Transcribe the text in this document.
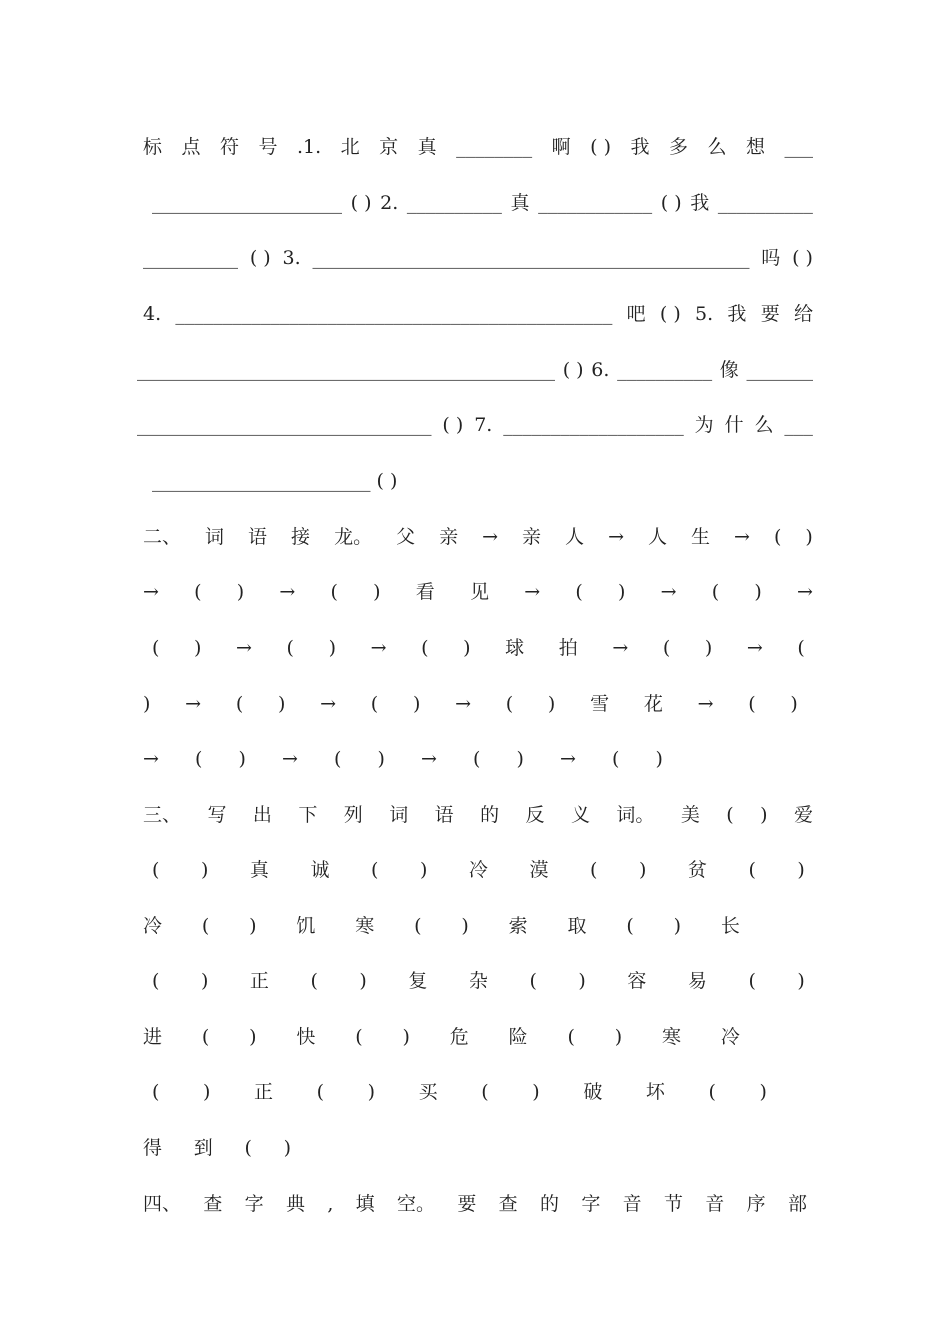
标 点 符 号 .1. 北 京 真 ________ 啊 ( ) 我 多 么 想 ___
____________________ ( ) 2. __________ 真 ____________ ( ) 我 __________
__________ ( ) 3. ______________________________________________ 吗 ( )
4. ______________________________________________ 吧 ( ) 5. 我 要 给
____________________________________________ ( ) 6. __________ 像 _______
_______________________________ ( ) 7. ___________________ 为 什 么 ___
_______________________ ( )
二、 词 语 接 龙。 父 亲 → 亲 人 → 人 生 → ( )
→ ( ) → ( ) 看 见 → ( ) → ( ) →
( ) → ( ) → ( ) 球 拍 → ( ) → (
) → ( ) → ( ) → ( ) 雪 花 → ( )
→ ( ) → ( ) → ( ) → ( )
三、 写 出 下 列 词 语 的 反 义 词。 美 ( ) 爱
( ) 真 诚 ( ) 冷 漠 ( ) 贫 ( )
冷 ( ) 饥 寒 ( ) 索 取 ( ) 长
( ) 正 ( ) 复 杂 ( ) 容 易 ( )
进 ( ) 快 ( ) 危 险 ( ) 寒 冷
( ) 正 ( ) 买 ( ) 破 坏 ( )
得 到 ( )
四、 查 字 典 , 填 空。 要 查 的 字 音 节 音 序 部
